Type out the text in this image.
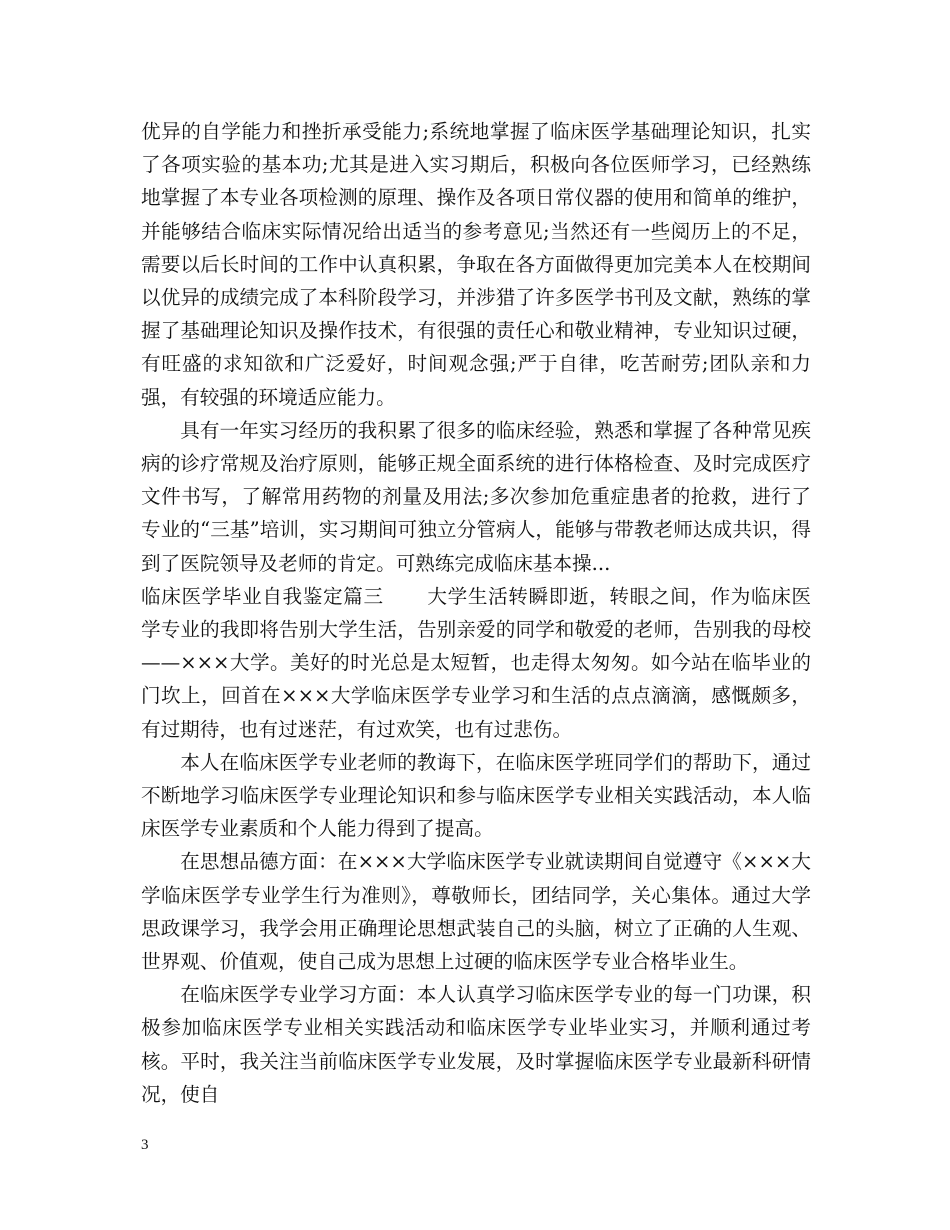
优异的自学能力和挫折承受能力;系统地掌握了临床医学基础理论知识，扎实了各项实验的基本功;尤其是进入实习期后，积极向各位医师学习，已经熟练地掌握了本专业各项检测的原理、操作及各项日常仪器的使用和简单的维护，并能够结合临床实际情况给出适当的参考意见;当然还有一些阅历上的不足，需要以后长时间的工作中认真积累，争取在各方面做得更加完美本人在校期间以优异的成绩完成了本科阶段学习，并涉猎了许多医学书刊及文献，熟练的掌握了基础理论知识及操作技术，有很强的责任心和敬业精神，专业知识过硬，有旺盛的求知欲和广泛爱好，时间观念强;严于自律，吃苦耐劳;团队亲和力强，有较强的环境适应能力。

具有一年实习经历的我积累了很多的临床经验，熟悉和掌握了各种常见疾病的诊疗常规及治疗原则，能够正规全面系统的进行体格检查、及时完成医疗文件书写，了解常用药物的剂量及用法;多次参加危重症患者的抢救，进行了专业的“三基”培训，实习期间可独立分管病人，能够与带教老师达成共识，得到了医院领导及老师的肯定。可熟练完成临床基本操...

临床医学毕业自我鉴定篇三 大学生活转瞬即逝，转眼之间，作为临床医学专业的我即将告别大学生活，告别亲爱的同学和敬爱的老师，告别我的母校——×××大学。美好的时光总是太短暂，也走得太匆匆。如今站在临毕业的门坎上，回首在×××大学临床医学专业学习和生活的点点滴滴，感慨颇多，有过期待，也有过迷茫，有过欢笑，也有过悲伤。

本人在临床医学专业老师的教诲下，在临床医学班同学们的帮助下，通过不断地学习临床医学专业理论知识和参与临床医学专业相关实践活动，本人临床医学专业素质和个人能力得到了提高。

在思想品德方面：在×××大学临床医学专业就读期间自觉遵守《×××大学临床医学专业学生行为准则》，尊敬师长，团结同学，关心集体。通过大学思政课学习，我学会用正确理论思想武装自己的头脑，树立了正确的人生观、世界观、价值观，使自己成为思想上过硬的临床医学专业合格毕业生。

在临床医学专业学习方面：本人认真学习临床医学专业的每一门功课，积极参加临床医学专业相关实践活动和临床医学专业毕业实习，并顺利通过考核。平时，我关注当前临床医学专业发展，及时掌握临床医学专业最新科研情况，使自

3
